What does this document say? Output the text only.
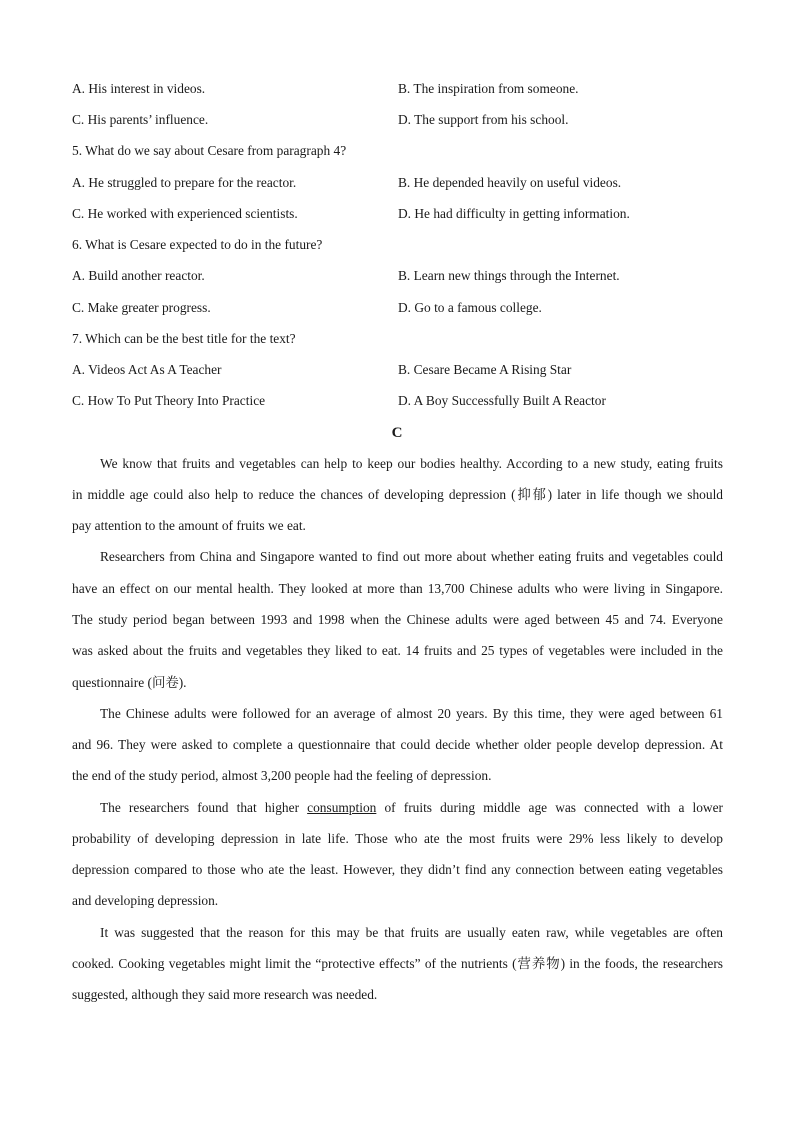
A. His interest in videos.	B. The inspiration from someone.
C. His parents’ influence.	D. The support from his school.
5. What do we say about Cesare from paragraph 4?
A. He struggled to prepare for the reactor.	B. He depended heavily on useful videos.
C. He worked with experienced scientists.	D. He had difficulty in getting information.
6. What is Cesare expected to do in the future?
A. Build another reactor.	B. Learn new things through the Internet.
C. Make greater progress.	D. Go to a famous college.
7. Which can be the best title for the text?
A. Videos Act As A Teacher	B. Cesare Became A Rising Star
C. How To Put Theory Into Practice	D. A Boy Successfully Built A Reactor
C
We know that fruits and vegetables can help to keep our bodies healthy. According to a new study, eating fruits
in middle age could also help to reduce the chances of developing depression (抑郁) later in life though we should
pay attention to the amount of fruits we eat.
Researchers from China and Singapore wanted to find out more about whether eating fruits and vegetables could
have an effect on our mental health. They looked at more than 13,700 Chinese adults who were living in Singapore.
The study period began between 1993 and 1998 when the Chinese adults were aged between 45 and 74. Everyone
was asked about the fruits and vegetables they liked to eat. 14 fruits and 25 types of vegetables were included in the
questionnaire (问卷).
The Chinese adults were followed for an average of almost 20 years. By this time, they were aged between 61
and 96. They were asked to complete a questionnaire that could decide whether older people develop depression. At
the end of the study period, almost 3,200 people had the feeling of depression.
The researchers found that higher consumption of fruits during middle age was connected with a lower
probability of developing depression in late life. Those who ate the most fruits were 29% less likely to develop
depression compared to those who ate the least. However, they didn’t find any connection between eating vegetables
and developing depression.
It was suggested that the reason for this may be that fruits are usually eaten raw, while vegetables are often
cooked. Cooking vegetables might limit the “protective effects” of the nutrients (营养物) in the foods, the researchers
suggested, although they said more research was needed.
